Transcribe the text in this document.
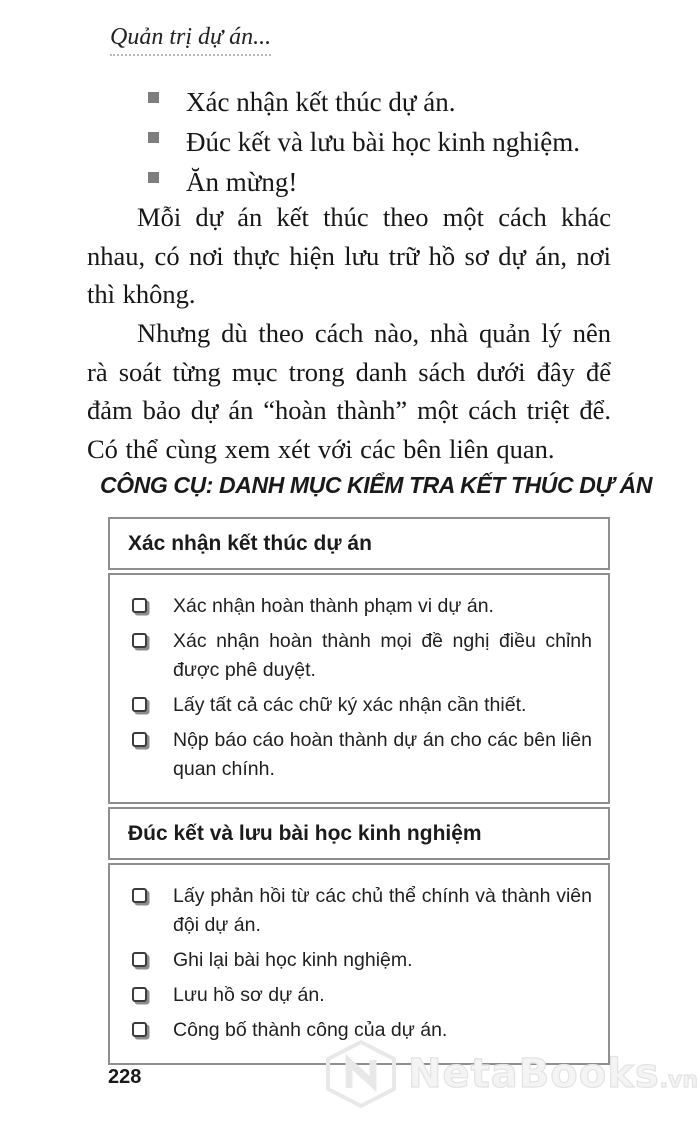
Quản trị dự án...
Xác nhận kết thúc dự án.
Đúc kết và lưu bài học kinh nghiệm.
Ăn mừng!

Mỗi dự án kết thúc theo một cách khác nhau, có nơi thực hiện lưu trữ hồ sơ dự án, nơi thì không.

Nhưng dù theo cách nào, nhà quản lý nên rà soát từng mục trong danh sách dưới đây để đảm bảo dự án “hoàn thành” một cách triệt để. Có thể cùng xem xét với các bên liên quan.

CÔNG CỤ: DANH MỤC KIỂM TRA KẾT THÚC DỰ ÁN
Xác nhận kết thúc dự án
Xác nhận hoàn thành phạm vi dự án.
Xác nhận hoàn thành mọi đề nghị điều chỉnh được phê duyệt.
Lấy tất cả các chữ ký xác nhận cần thiết.
Nộp báo cáo hoàn thành dự án cho các bên liên quan chính.
Đúc kết và lưu bài học kinh nghiệm
Lấy phản hồi từ các chủ thể chính và thành viên đội dự án.
Ghi lại bài học kinh nghiệm.
Lưu hồ sơ dự án.
Công bố thành công của dự án.
228	NetaBooks.vn
